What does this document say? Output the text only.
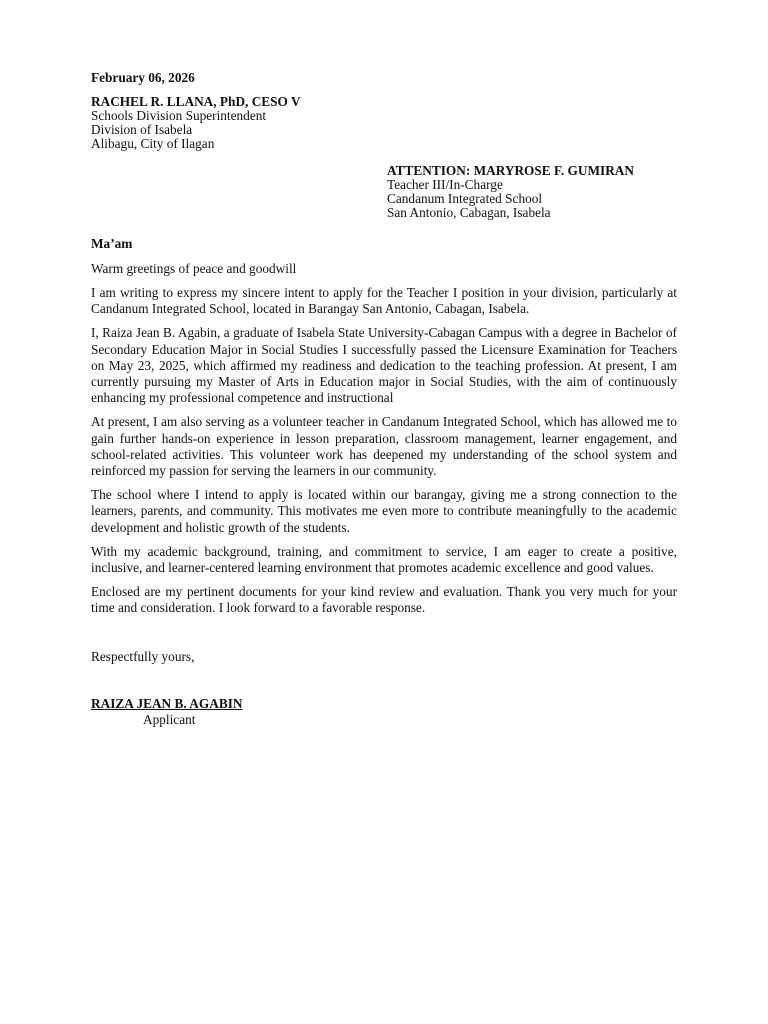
February 06, 2026
RACHEL R. LLANA, PhD, CESO V
Schools Division Superintendent
Division of Isabela
Alibagu, City of Ilagan
ATTENTION: MARYROSE F. GUMIRAN
Teacher III/In-Charge
Candanum Integrated School
San Antonio, Cabagan, Isabela
Ma’am
Warm greetings of peace and goodwill
I am writing to express my sincere intent to apply for the Teacher I position in your division, particularly at Candanum Integrated School, located in Barangay San Antonio, Cabagan, Isabela.
I, Raiza Jean B. Agabin, a graduate of Isabela State University-Cabagan Campus with a degree in Bachelor of Secondary Education Major in Social Studies I successfully passed the Licensure Examination for Teachers on May 23, 2025, which affirmed my readiness and dedication to the teaching profession. At present, I am currently pursuing my Master of Arts in Education major in Social Studies, with the aim of continuously enhancing my professional competence and instructional
At present, I am also serving as a volunteer teacher in Candanum Integrated School, which has allowed me to gain further hands-on experience in lesson preparation, classroom management, learner engagement, and school-related activities. This volunteer work has deepened my understanding of the school system and reinforced my passion for serving the learners in our community.
The school where I intend to apply is located within our barangay, giving me a strong connection to the learners, parents, and community. This motivates me even more to contribute meaningfully to the academic development and holistic growth of the students.
With my academic background, training, and commitment to service, I am eager to create a positive, inclusive, and learner-centered learning environment that promotes academic excellence and good values.
Enclosed are my pertinent documents for your kind review and evaluation. Thank you very much for your time and consideration. I look forward to a favorable response.
Respectfully yours,
RAIZA JEAN B. AGABIN
Applicant
